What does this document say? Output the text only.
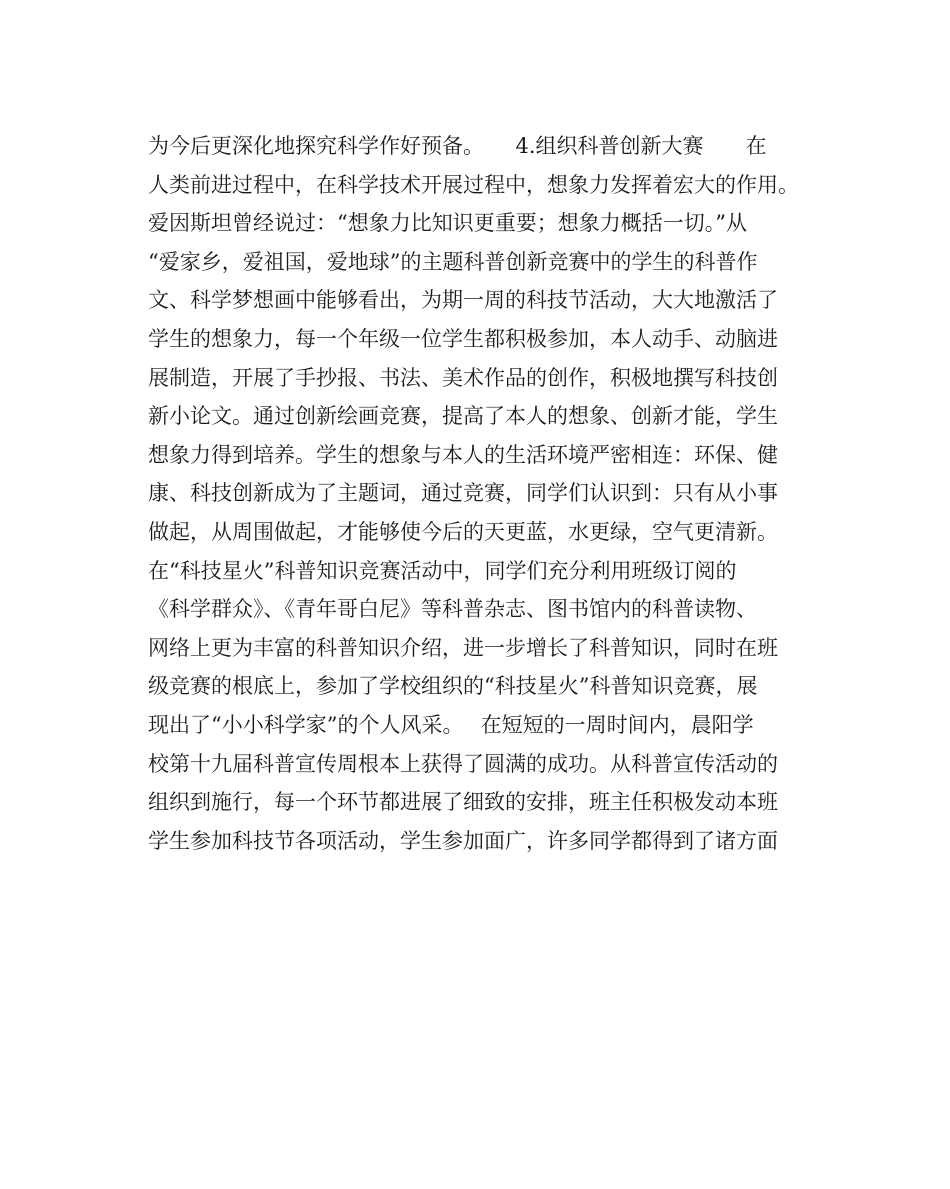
为今后更深化地探究科学作好预备。　　4.组织科普创新大赛　　在
人类前进过程中，在科学技术开展过程中，想象力发挥着宏大的作用。
爱因斯坦曾经说过：“想象力比知识更重要；想象力概括一切。”从
“爱家乡，爱祖国，爱地球”的主题科普创新竞赛中的学生的科普作
文、科学梦想画中能够看出，为期一周的科技节活动，大大地激活了
学生的想象力，每一个年级一位学生都积极参加，本人动手、动脑进
展制造，开展了手抄报、书法、美术作品的创作，积极地撰写科技创
新小论文。通过创新绘画竞赛，提高了本人的想象、创新才能，学生
想象力得到培养。学生的想象与本人的生活环境严密相连：环保、健
康、科技创新成为了主题词，通过竞赛，同学们认识到：只有从小事
做起，从周围做起，才能够使今后的天更蓝，水更绿，空气更清新。
在“科技星火”科普知识竞赛活动中，同学们充分利用班级订阅的
《科学群众》、《青年哥白尼》等科普杂志、图书馆内的科普读物、
网络上更为丰富的科普知识介绍，进一步增长了科普知识，同时在班
级竞赛的根底上，参加了学校组织的“科技星火”科普知识竞赛，展
现出了“小小科学家”的个人风采。　 在短短的一周时间内，晨阳学
校第十九届科普宣传周根本上获得了圆满的成功。从科普宣传活动的
组织到施行，每一个环节都进展了细致的安排，班主任积极发动本班
学生参加科技节各项活动，学生参加面广，许多同学都得到了诸方面
